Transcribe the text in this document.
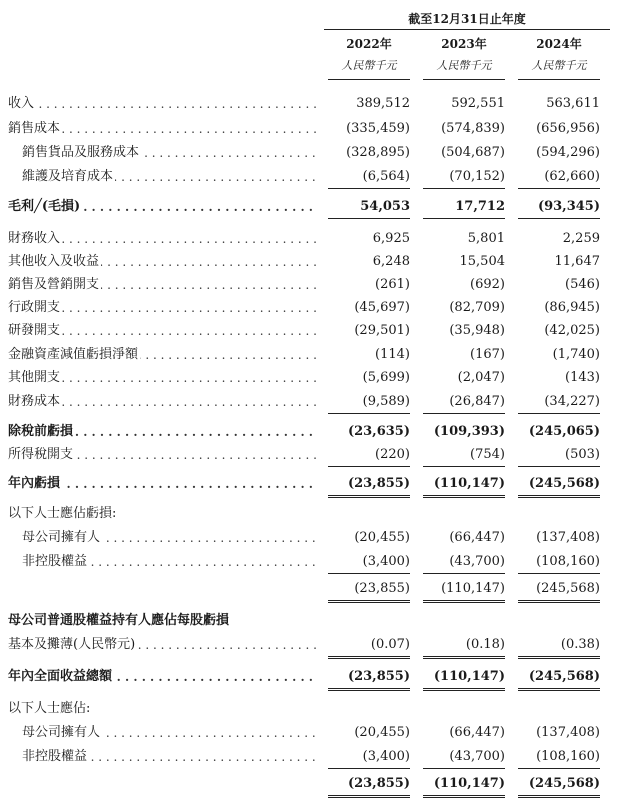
截至12月31日止年度
2022年	2023年	2024年
人民幣千元	人民幣千元	人民幣千元
收入 . . .	389,512	592,551	563,611
銷售成本 . . .	(335,459)	(574,839)	(656,956)
銷售貨品及服務成本 . . .	(328,895)	(504,687)	(594,296)
維護及培育成本 . . .	(6,564)	(70,152)	(62,660)
毛利╱(毛損) . . .	54,053	17,712	(93,345)
財務收入 . . .	6,925	5,801	2,259
其他收入及收益 . . .	6,248	15,504	11,647
銷售及營銷開支 . . .	(261)	(692)	(546)
行政開支 . . .	(45,697)	(82,709)	(86,945)
研發開支 . . .	(29,501)	(35,948)	(42,025)
金融資產減值虧損淨額 . . .	(114)	(167)	(1,740)
其他開支 . . .	(5,699)	(2,047)	(143)
財務成本 . . .	(9,589)	(26,847)	(34,227)
除稅前虧損 . . .	(23,635)	(109,393)	(245,065)
所得稅開支 . . .	(220)	(754)	(503)
年內虧損 . . .	(23,855)	(110,147)	(245,568)
以下人士應佔虧損:
母公司擁有人 . . .	(20,455)	(66,447)	(137,408)
非控股權益 . . .	(3,400)	(43,700)	(108,160)
(23,855)	(110,147)	(245,568)
母公司普通股權益持有人應佔每股虧損
基本及攤薄(人民幣元) . . .	(0.07)	(0.18)	(0.38)
年內全面收益總額 . . .	(23,855)	(110,147)	(245,568)
以下人士應佔:
母公司擁有人 . . .	(20,455)	(66,447)	(137,408)
非控股權益 . . .	(3,400)	(43,700)	(108,160)
(23,855)	(110,147)	(245,568)
